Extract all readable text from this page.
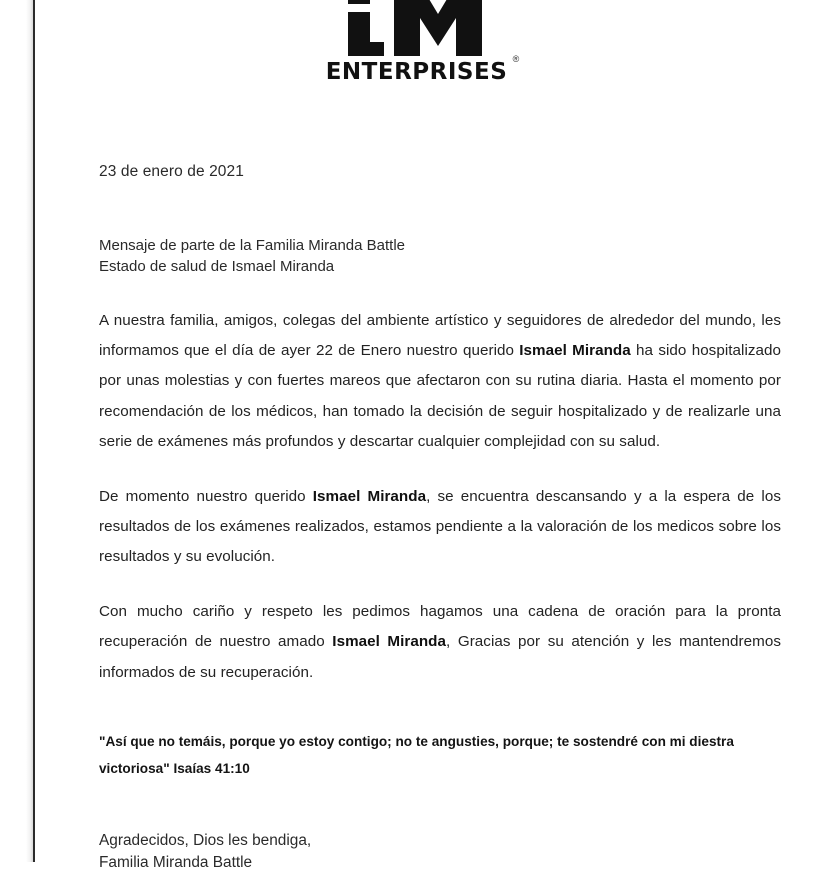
®
ENTERPRISES
23 de enero de 2021
Mensaje de parte de la Familia Miranda Battle
Estado de salud de Ismael Miranda

A nuestra familia, amigos, colegas del ambiente artístico y seguidores de alrededor del mundo, les informamos que el día de ayer 22 de Enero nuestro querido Ismael Miranda ha sido hospitalizado por unas molestias y con fuertes mareos que afectaron con su rutina diaria. Hasta el momento por recomendación de los médicos, han tomado la decisión de seguir hospitalizado y de realizarle una serie de exámenes más profundos y descartar cualquier complejidad con su salud.

De momento nuestro querido Ismael Miranda, se encuentra descansando y a la espera de los resultados de los exámenes realizados, estamos pendiente a la valoración de los medicos sobre los resultados y su evolución.

Con mucho cariño y respeto les pedimos hagamos una cadena de oración para la pronta recuperación de nuestro amado Ismael Miranda, Gracias por su atención y les mantendremos informados de su recuperación.

"Así que no temáis, porque yo estoy contigo; no te angusties, porque; te sostendré con mi diestra victoriosa" Isaías 41:10
Agradecidos, Dios les bendiga,
Familia Miranda Battle
